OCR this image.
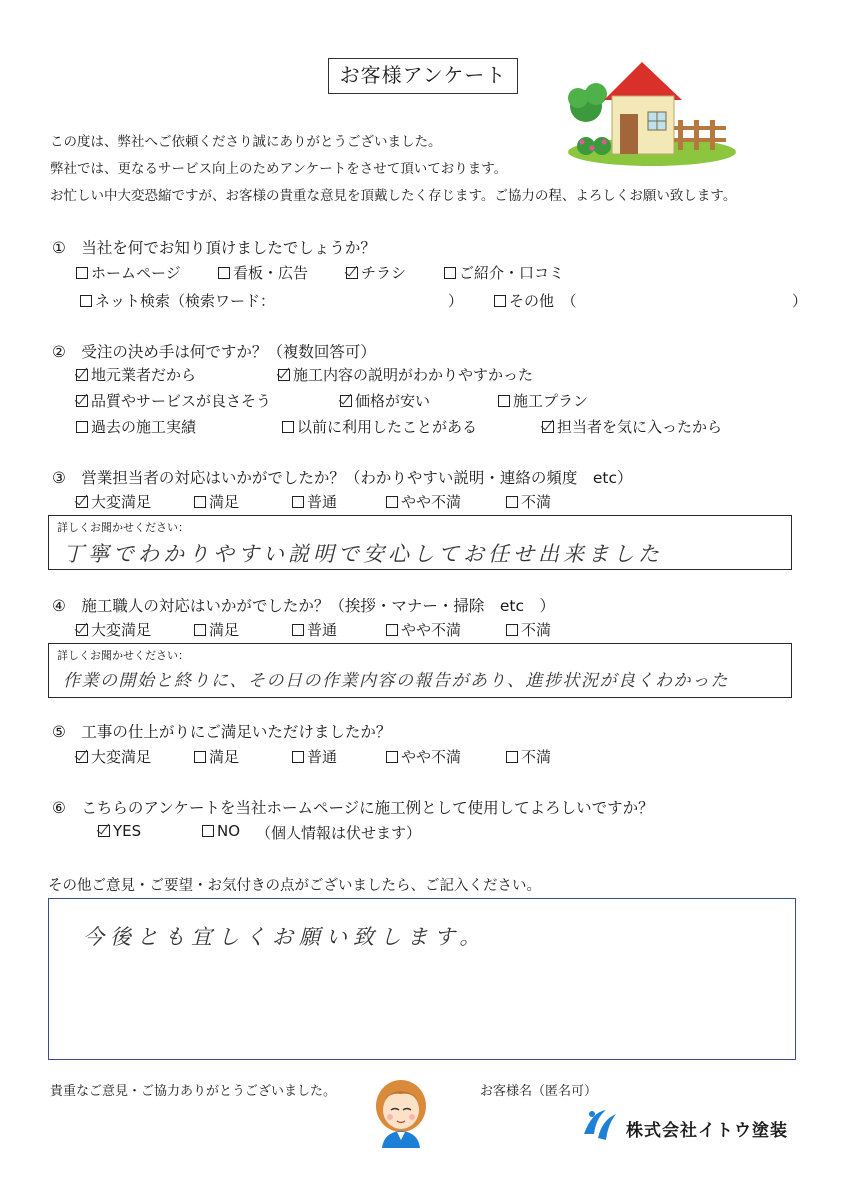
お客様アンケート
この度は、弊社へご依頼くださり誠にありがとうございました。
弊社では、更なるサービス向上のためアンケートをさせて頂いております。
お忙しい中大変恐縮ですが、お客様の貴重な意見を頂戴したく存じます。ご協力の程、よろしくお願い致します。
①　当社を何でお知り頂けましたでしょうか？
ホームページ	看板・広告	チラシ	ご紹介・口コミ
ネット検索（検索ワード：	）	その他　（	）
②　受注の決め手は何ですか？（複数回答可）
地元業者だから	施工内容の説明がわかりやすかった
品質やサービスが良さそう	価格が安い	施工プラン
過去の施工実績	以前に利用したことがある	担当者を気に入ったから
③　営業担当者の対応はいかがでしたか？（わかりやすい説明・連絡の頻度　etc）
大変満足	満足	普通	やや不満	不満
詳しくお聞かせください：
丁寧でわかりやすい説明で安心してお任せ出来ました
④　施工職人の対応はいかがでしたか？（挨拶・マナー・掃除　etc　）
大変満足	満足	普通	やや不満	不満
詳しくお聞かせください：
作業の開始と終りに、その日の作業内容の報告があり、進捗状況が良くわかった
⑤　工事の仕上がりにご満足いただけましたか？
大変満足	満足	普通	やや不満	不満
⑥　こちらのアンケートを当社ホームページに施工例として使用してよろしいですか？
YES	NO （個人情報は伏せます）
その他ご意見・ご要望・お気付きの点がございましたら、ご記入ください。
今後とも宜しくお願い致します。
貴重なご意見・ご協力ありがとうございました。	お客様名（匿名可）
株式会社イトウ塗装
